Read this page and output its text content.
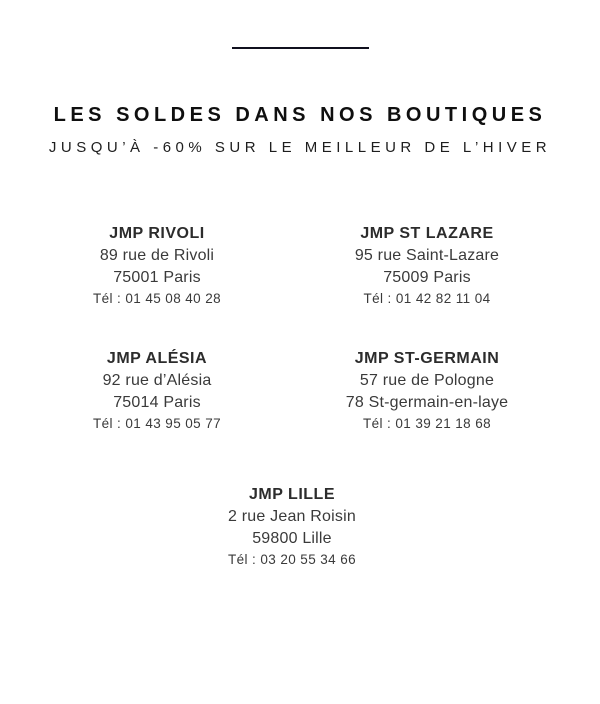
LES SOLDES DANS NOS BOUTIQUES
JUSQU’À -60% SUR LE MEILLEUR DE L’HIVER
JMP RIVOLI
89 rue de Rivoli
75001 Paris
Tél : 01 45 08 40 28
JMP ST LAZARE
95 rue Saint-Lazare
75009 Paris
Tél : 01 42 82 11 04
JMP ALÉSIA
92 rue d’Alésia
75014 Paris
Tél : 01 43 95 05 77
JMP ST-GERMAIN
57 rue de Pologne
78 St-germain-en-laye
Tél : 01 39 21 18 68
JMP LILLE
2 rue Jean Roisin
59800 Lille
Tél : 03 20 55 34 66
